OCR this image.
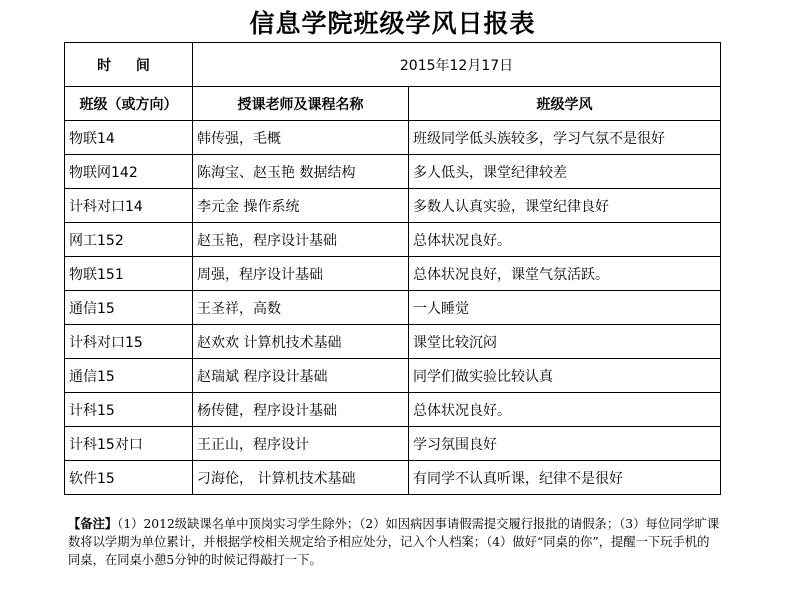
信息学院班级学风日报表
时 间	2015年12月17日	
班级（或方向）	授课老师及课程名称	班级学风
物联14	韩传强，毛概	班级同学低头族较多，学习气氛不是很好
物联网142	陈海宝、赵玉艳 数据结构	多人低头，课堂纪律较差
计科对口14	李元金 操作系统	多数人认真实验，课堂纪律良好
网工152	赵玉艳，程序设计基础	总体状况良好。
物联151	周强，程序设计基础	总体状况良好，课堂气氛活跃。
通信15	王圣祥，高数	一人睡觉
计科对口15	赵欢欢 计算机技术基础	课堂比较沉闷
通信15	赵瑞斌 程序设计基础	同学们做实验比较认真
计科15	杨传健，程序设计基础	总体状况良好。
计科15对口	王正山，程序设计	学习氛围良好
软件15	刁海伦， 计算机技术基础	有同学不认真听课，纪律不是很好
【备注】（1）2012级缺课名单中顶岗实习学生除外；（2）如因病因事请假需提交履行报批的请假条；（3）每位同学旷课数将以学期为单位累计，并根据学校相关规定给予相应处分，记入个人档案；（4）做好“同桌的你”，提醒一下玩手机的同桌，在同桌小憩5分钟的时候记得敲打一下。
